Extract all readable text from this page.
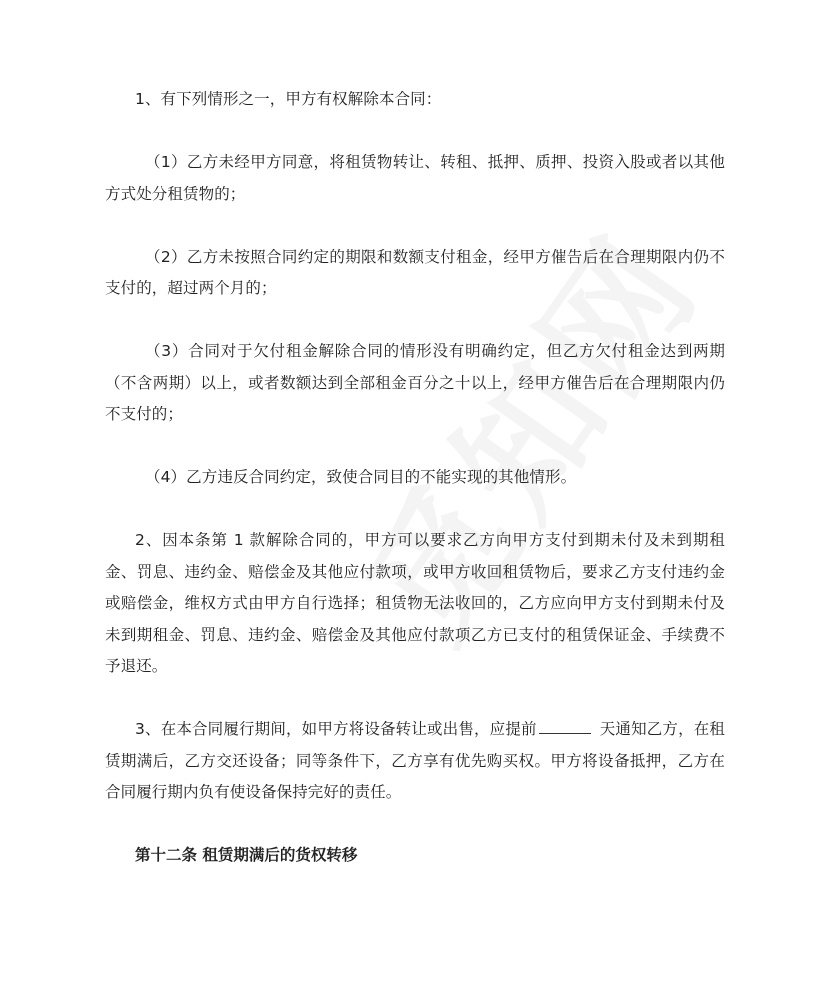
1、有下列情形之一，甲方有权解除本合同：

（1）乙方未经甲方同意，将租赁物转让、转租、抵押、质押、投资入股或者以其他方式处分租赁物的；

（2）乙方未按照合同约定的期限和数额支付租金，经甲方催告后在合理期限内仍不支付的，超过两个月的；

（3）合同对于欠付租金解除合同的情形没有明确约定，但乙方欠付租金达到两期（不含两期）以上，或者数额达到全部租金百分之十以上，经甲方催告后在合理期限内仍不支付的；

（4）乙方违反合同约定，致使合同目的不能实现的其他情形。

2、因本条第 1 款解除合同的，甲方可以要求乙方向甲方支付到期未付及未到期租金、罚息、违约金、赔偿金及其他应付款项，或甲方收回租赁物后，要求乙方支付违约金或赔偿金，维权方式由甲方自行选择；租赁物无法收回的，乙方应向甲方支付到期未付及未到期租金、罚息、违约金、赔偿金及其他应付款项乙方已支付的租赁保证金、手续费不予退还。

3、在本合同履行期间，如甲方将设备转让或出售，应提前	天通知乙方，在租赁期满后，乙方交还设备；同等条件下，乙方享有优先购买权。甲方将设备抵押，乙方在合同履行期内负有使设备保持完好的责任。

第十二条 租赁期满后的货权转移
